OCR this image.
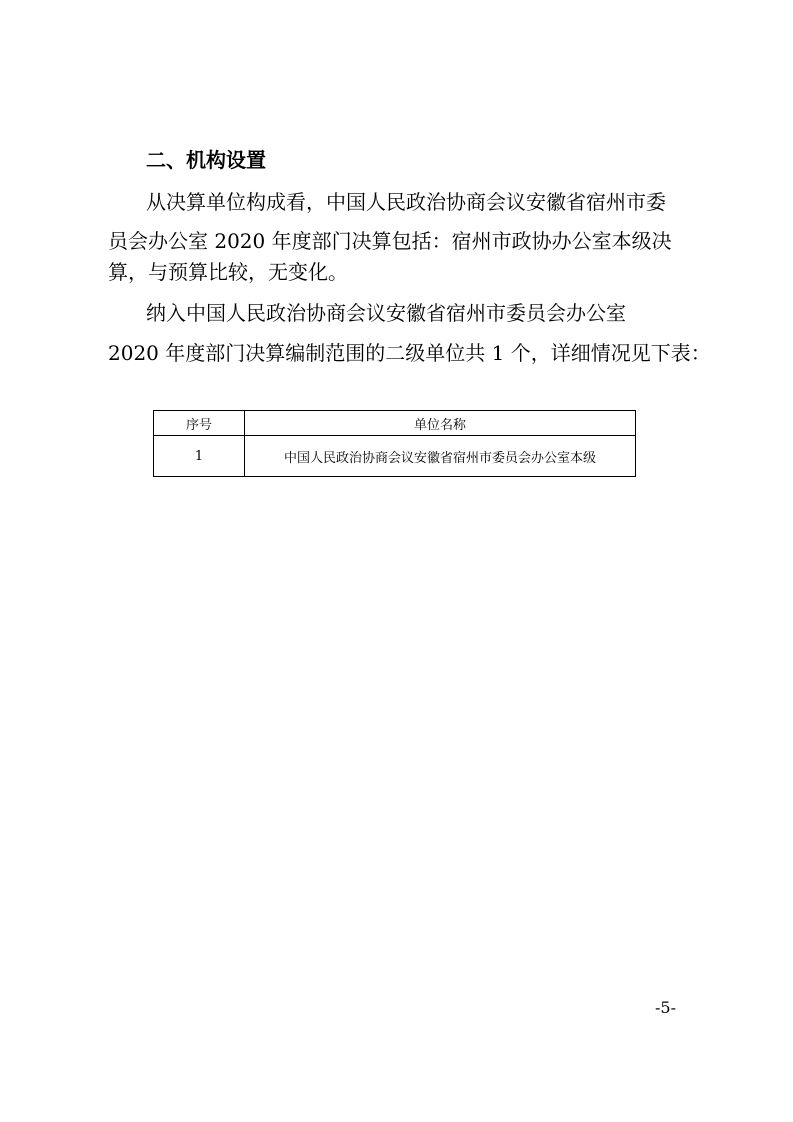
二、机构设置
从决算单位构成看，中国人民政治协商会议安徽省宿州市委
员会办公室 2020 年度部门决算包括：宿州市政协办公室本级决
算，与预算比较，无变化。
纳入中国人民政治协商会议安徽省宿州市委员会办公室
2020 年度部门决算编制范围的二级单位共 1 个，详细情况见下表：
序号	单位名称
1	中国人民政治协商会议安徽省宿州市委员会办公室本级
-5-
